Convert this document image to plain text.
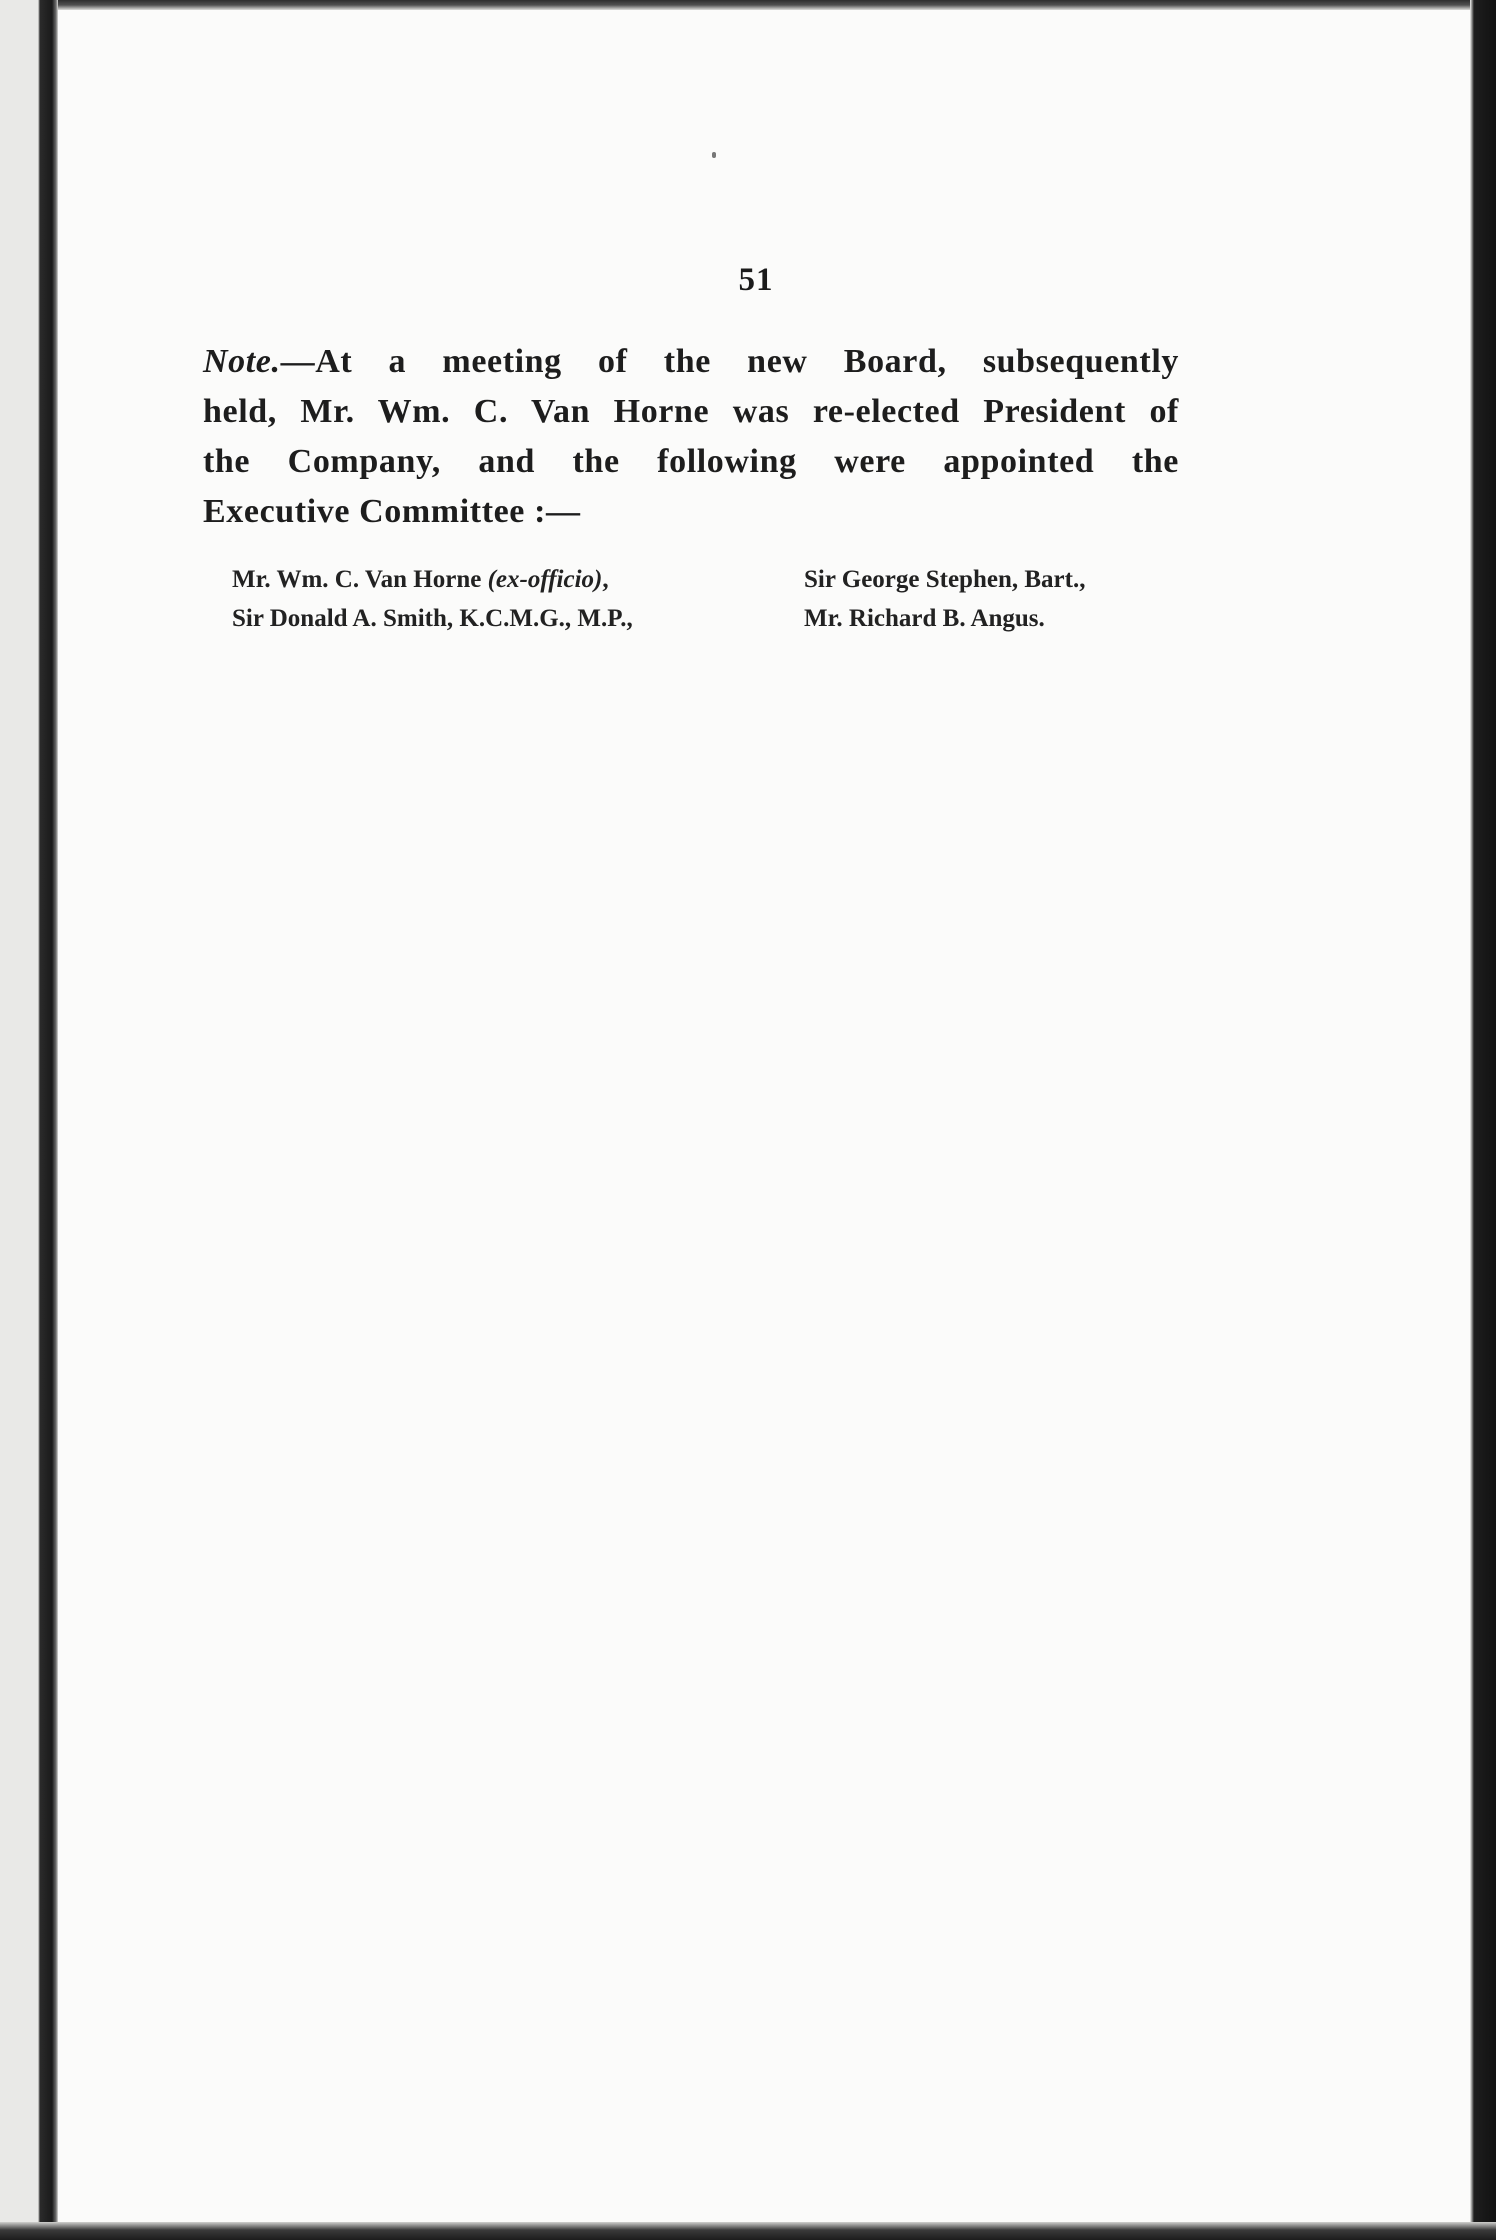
51
Note.—At a meeting of the new Board, subsequently
held, Mr. Wm. C. Van Horne was re-elected President of
the Company, and the following were appointed the
Executive Committee :—
Mr. Wm. C. Van Horne (ex-officio),
Sir Donald A. Smith, K.C.M.G., M.P.,
Sir George Stephen, Bart.,
Mr. Richard B. Angus.
